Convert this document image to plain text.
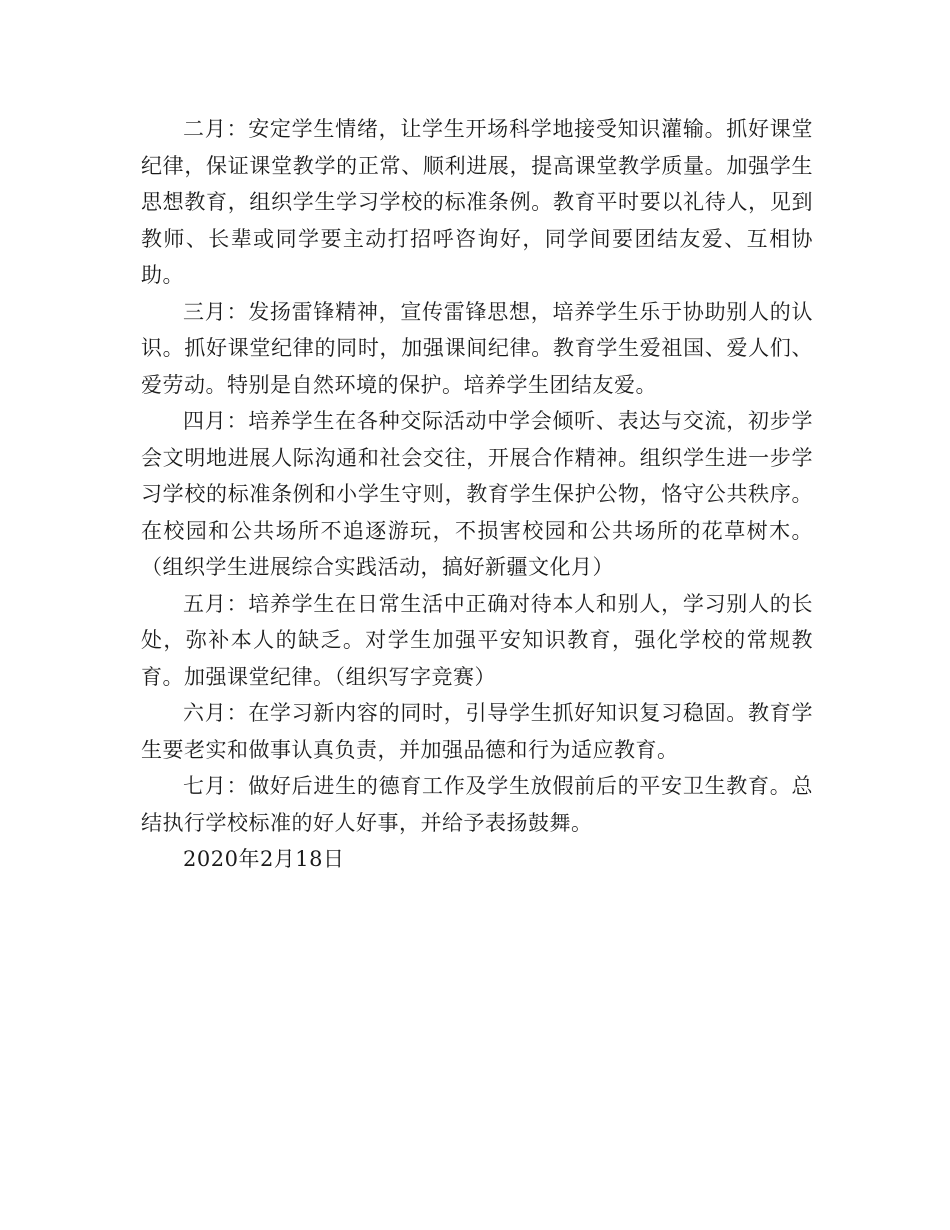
二月：安定学生情绪，让学生开场科学地接受知识灌输。抓好课堂纪律，保证课堂教学的正常、顺利进展，提高课堂教学质量。加强学生思想教育，组织学生学习学校的标准条例。教育平时要以礼待人，见到教师、长辈或同学要主动打招呼咨询好，同学间要团结友爱、互相协助。

三月：发扬雷锋精神，宣传雷锋思想，培养学生乐于协助别人的认识。抓好课堂纪律的同时，加强课间纪律。教育学生爱祖国、爱人们、爱劳动。特别是自然环境的保护。培养学生团结友爱。

四月：培养学生在各种交际活动中学会倾听、表达与交流，初步学会文明地进展人际沟通和社会交往，开展合作精神。组织学生进一步学习学校的标准条例和小学生守则，教育学生保护公物，恪守公共秩序。在校园和公共场所不追逐游玩，不损害校园和公共场所的花草树木。（组织学生进展综合实践活动，搞好新疆文化月）

五月：培养学生在日常生活中正确对待本人和别人，学习别人的长处，弥补本人的缺乏。对学生加强平安知识教育，强化学校的常规教育。加强课堂纪律。（组织写字竞赛）

六月：在学习新内容的同时，引导学生抓好知识复习稳固。教育学生要老实和做事认真负责，并加强品德和行为适应教育。

七月：做好后进生的德育工作及学生放假前后的平安卫生教育。总结执行学校标准的好人好事，并给予表扬鼓舞。

2020年2月18日
